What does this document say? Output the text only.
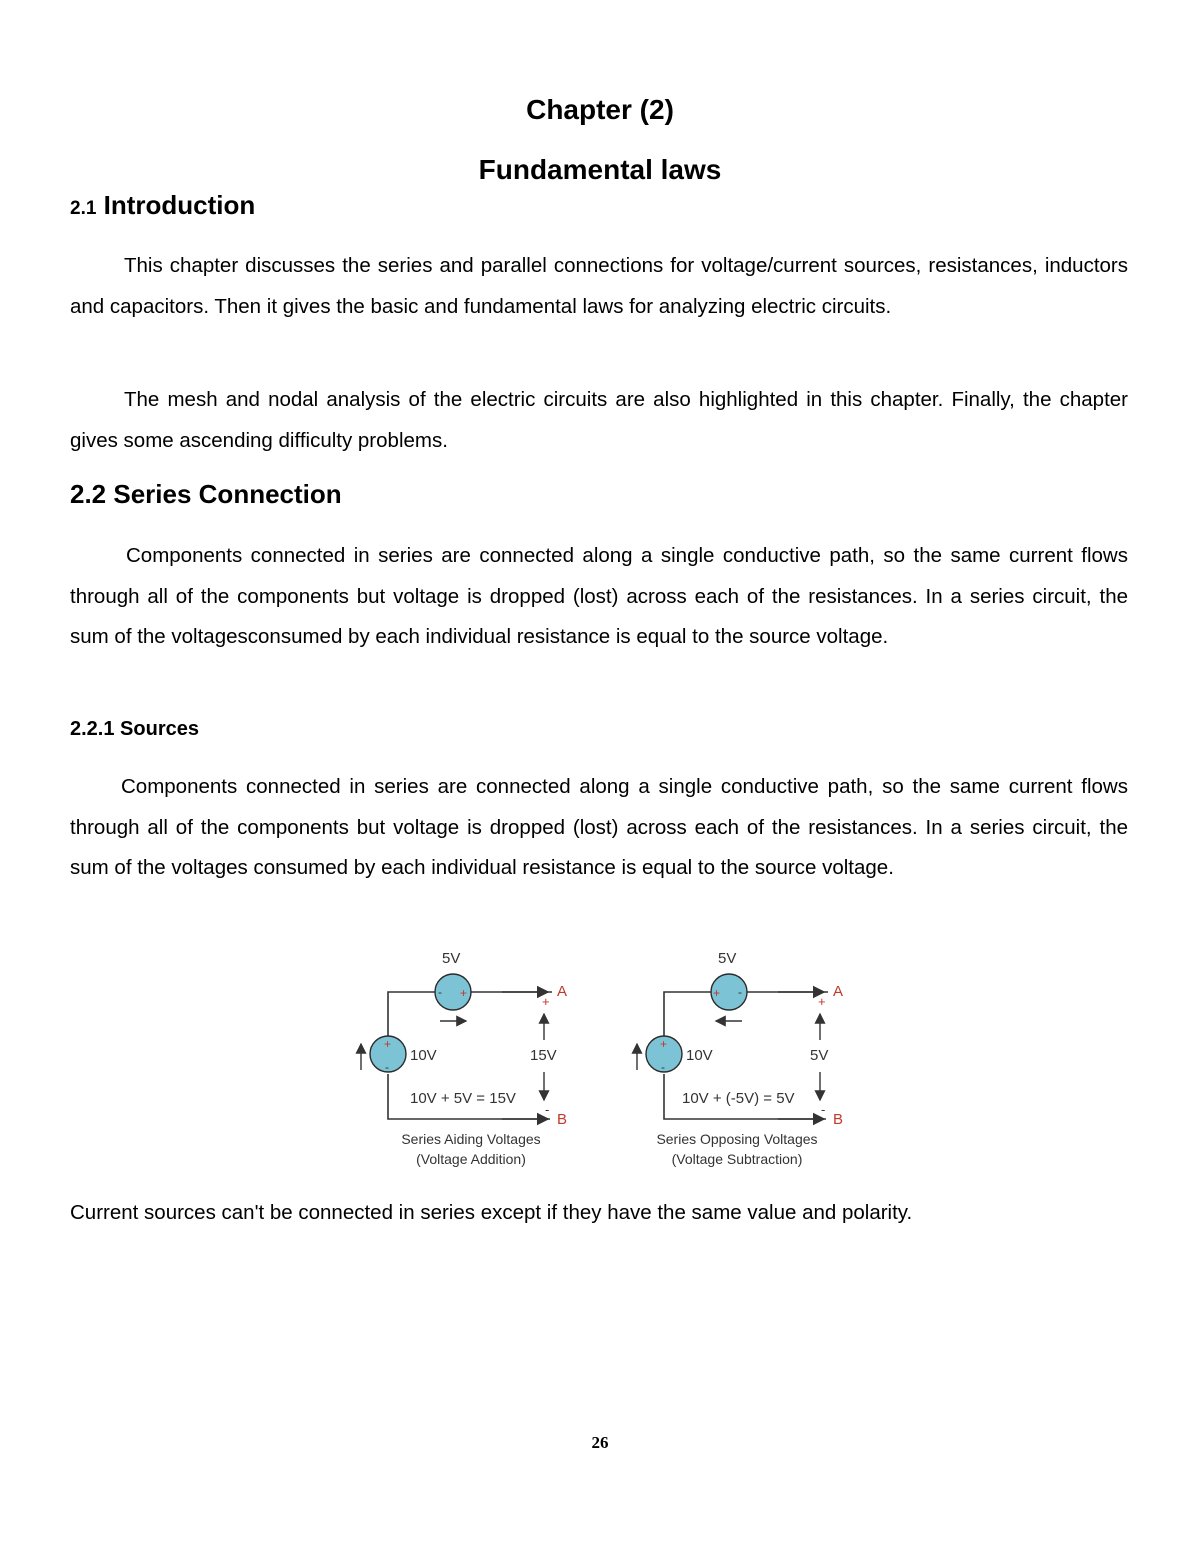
Chapter (2)
Fundamental laws
2.1 Introduction

This chapter discusses the series and parallel connections for voltage/current sources, resistances, inductors and capacitors. Then it gives the basic and fundamental laws for analyzing electric circuits.

The mesh and nodal analysis of the electric circuits are also highlighted in this chapter. Finally, the chapter gives some ascending difficulty problems.

2.2 Series Connection

Components connected in series are connected along a single conductive path, so the same current flows through all of the components but voltage is dropped (lost) across each of the resistances. In a series circuit, the sum of the voltagesconsumed by each individual resistance is equal to the source voltage.

2.2.1 Sources

Components connected in series are connected along a single conductive path, so the same current flows through all of the components but voltage is dropped (lost) across each of the resistances. In a series circuit, the sum of the voltages consumed by each individual resistance is equal to the source voltage.

- +
+
-
+
-
5V
10V	15V
10V + 5V = 15V
A
B
Series Aiding Voltages
(Voltage Addition)
+ -
+
-
+
-
5V
10V	5V
10V + (-5V) = 5V
A
B
Series Opposing Voltages
(Voltage Subtraction)

Current sources can't be connected in series except if they have the same value and polarity.

26
